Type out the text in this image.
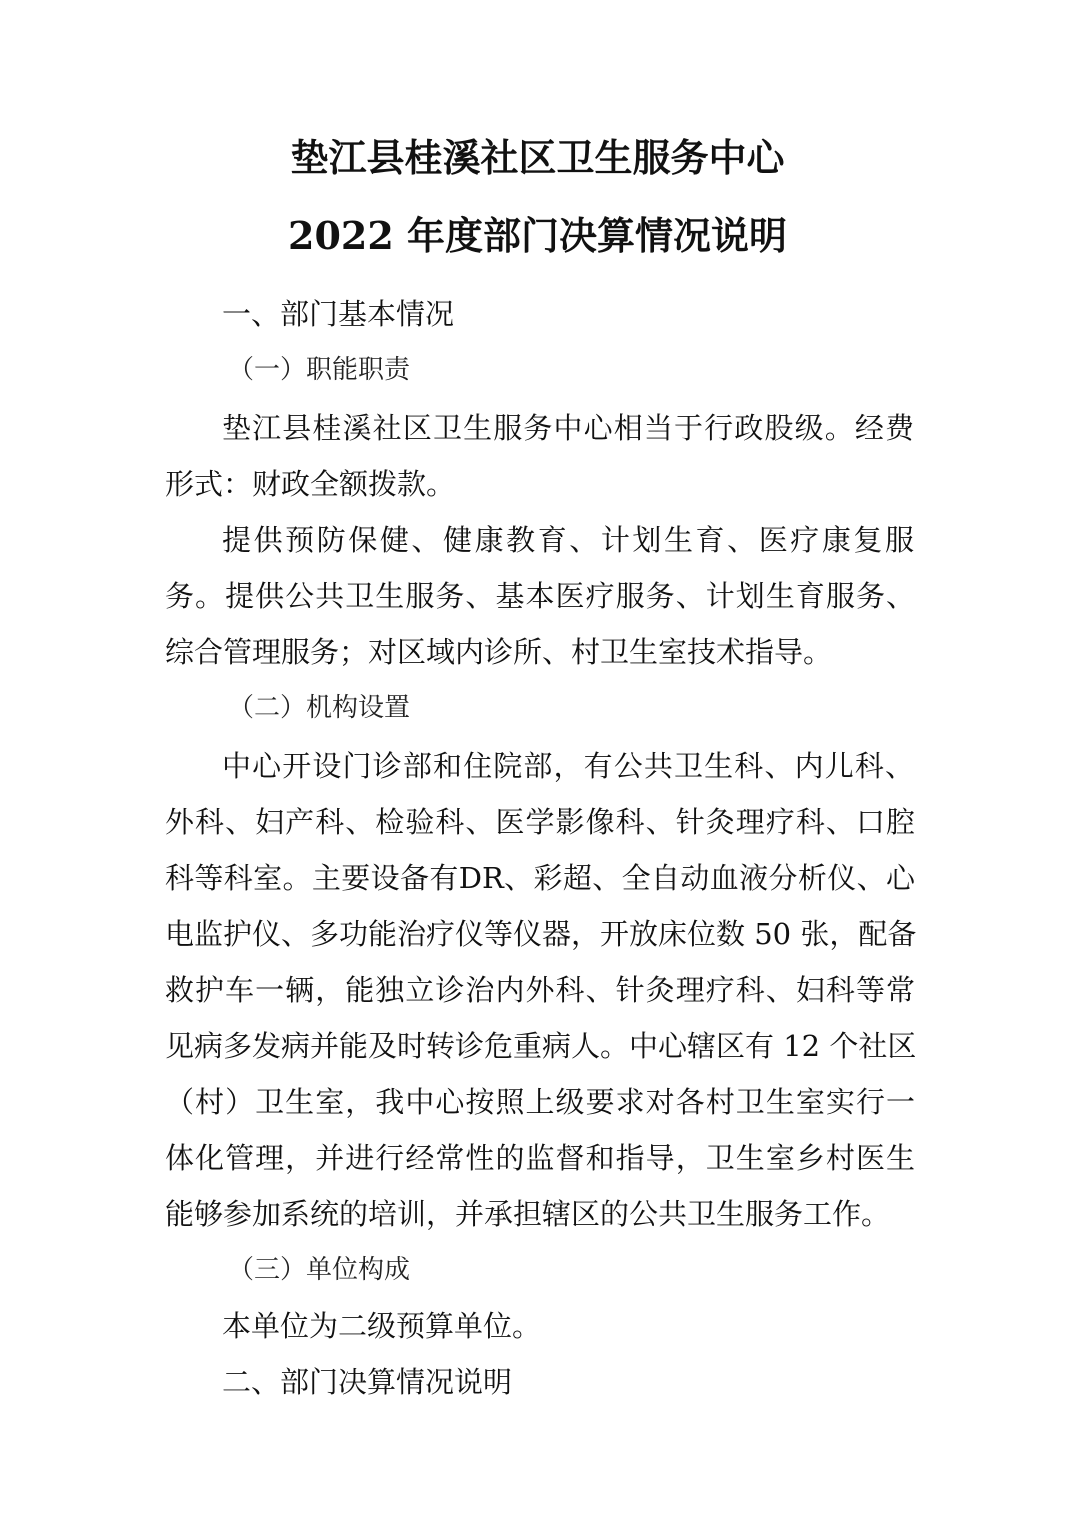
垫江县桂溪社区卫生服务中心
2022 年度部门决算情况说明

一、部门基本情况

（一）职能职责

垫江县桂溪社区卫生服务中心相当于行政股级。经费

形式：财政全额拨款。

提供预防保健、健康教育、计划生育、医疗康复服

务。提供公共卫生服务、基本医疗服务、计划生育服务、

综合管理服务；对区域内诊所、村卫生室技术指导。

（二）机构设置

中心开设门诊部和住院部，有公共卫生科、内儿科、

外科、妇产科、检验科、医学影像科、针灸理疗科、口腔

科等科室。主要设备有DR、彩超、全自动血液分析仪、心

电监护仪、多功能治疗仪等仪器，开放床位数 50 张，配备

救护车一辆，能独立诊治内外科、针灸理疗科、妇科等常

见病多发病并能及时转诊危重病人。中心辖区有 12 个社区

（村）卫生室，我中心按照上级要求对各村卫生室实行一

体化管理，并进行经常性的监督和指导，卫生室乡村医生

能够参加系统的培训，并承担辖区的公共卫生服务工作。

（三）单位构成

本单位为二级预算单位。

二、部门决算情况说明
